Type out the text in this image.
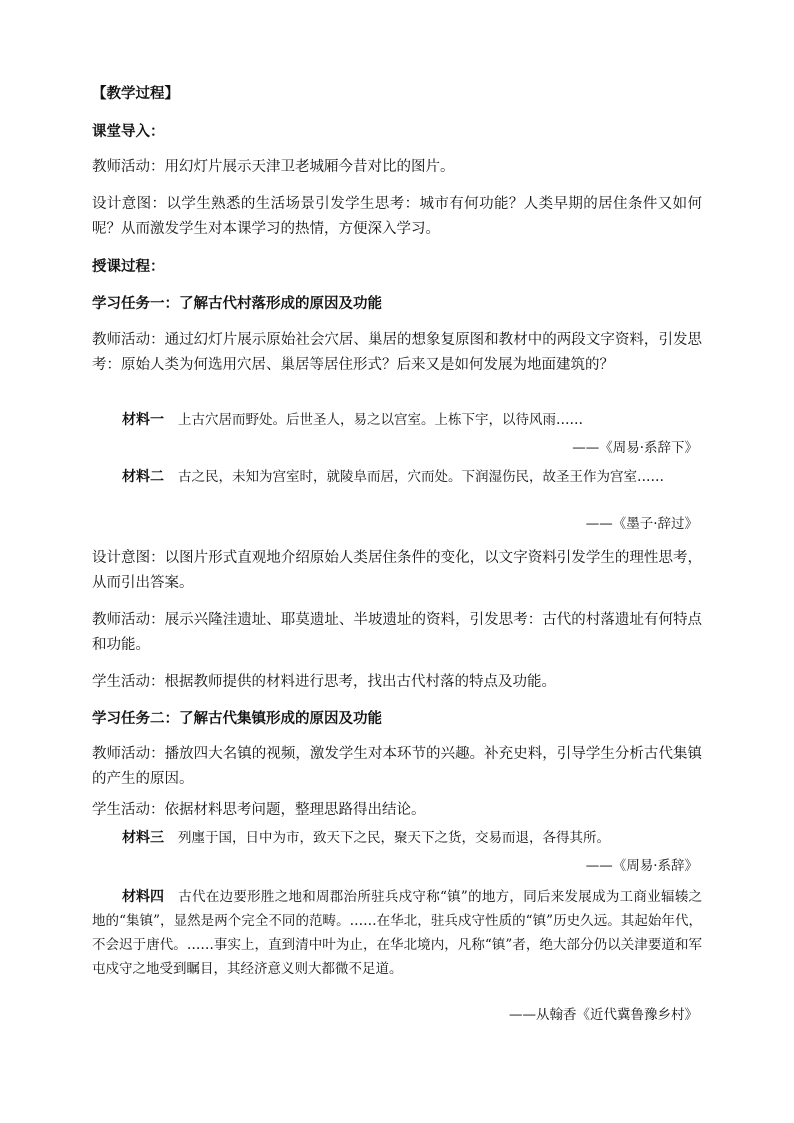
【教学过程】

课堂导入：

教师活动：用幻灯片展示天津卫老城厢今昔对比的图片。

设计意图：以学生熟悉的生活场景引发学生思考：城市有何功能？人类早期的居住条件又如何呢？从而激发学生对本课学习的热情，方便深入学习。

授课过程：

学习任务一：了解古代村落形成的原因及功能

教师活动：通过幻灯片展示原始社会穴居、巢居的想象复原图和教材中的两段文字资料，引发思考：原始人类为何选用穴居、巢居等居住形式？后来又是如何发展为地面建筑的？

材料一 上古穴居而野处。后世圣人，易之以宫室。上栋下宇，以待风雨……

——《周易·系辞下》

材料二 古之民，未知为宫室时，就陵阜而居，穴而处。下润湿伤民，故圣王作为宫室……

——《墨子·辞过》

设计意图：以图片形式直观地介绍原始人类居住条件的变化，以文字资料引发学生的理性思考，从而引出答案。

教师活动：展示兴隆洼遗址、耶莫遗址、半坡遗址的资料，引发思考：古代的村落遗址有何特点和功能。

学生活动：根据教师提供的材料进行思考，找出古代村落的特点及功能。

学习任务二：了解古代集镇形成的原因及功能

教师活动：播放四大名镇的视频，激发学生对本环节的兴趣。补充史料，引导学生分析古代集镇的产生的原因。

学生活动：依据材料思考问题，整理思路得出结论。

材料三 列廛于国，日中为市，致天下之民，聚天下之货，交易而退，各得其所。

——《周易·系辞》

材料四 古代在边要形胜之地和周郡治所驻兵戍守称“镇”的地方，同后来发展成为工商业辐辏之地的“集镇”，显然是两个完全不同的范畴。……在华北，驻兵戍守性质的“镇”历史久远。其起始年代，不会迟于唐代。……事实上，直到清中叶为止，在华北境内，凡称“镇”者，绝大部分仍以关津要道和军屯戍守之地受到瞩目，其经济意义则大都微不足道。

——从翰香《近代冀鲁豫乡村》
